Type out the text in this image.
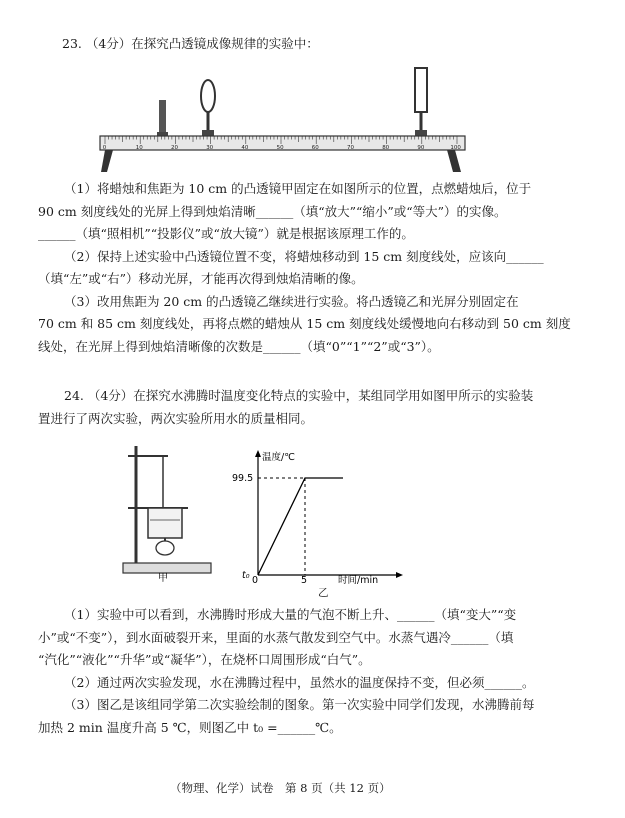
23. （4分）在探究凸透镜成像规律的实验中：
0	10	20	30	40	50	60	70	80	90	100

（1）将蜡烛和焦距为 10 cm 的凸透镜甲固定在如图所示的位置，点燃蜡烛后，位于

90 cm 刻度线处的光屏上得到烛焰清晰______（填“放大”“缩小”或“等大”）的实像。

______（填“照相机”“投影仪”或“放大镜”）就是根据该原理工作的。

（2）保持上述实验中凸透镜位置不变，将蜡烛移动到 15 cm 刻度线处，应该向______

（填“左”或“右”）移动光屏，才能再次得到烛焰清晰的像。

（3）改用焦距为 20 cm 的凸透镜乙继续进行实验。将凸透镜乙和光屏分别固定在

70 cm 和 85 cm 刻度线处，再将点燃的蜡烛从 15 cm 刻度线处缓慢地向右移动到 50 cm 刻度

线处，在光屏上得到烛焰清晰像的次数是______（填“0”“1”“2”或“3”）。

24. （4分）在探究水沸腾时温度变化特点的实验中，某组同学用如图甲所示的实验装

置进行了两次实验，两次实验所用水的质量相同。

甲
温度/℃
99.5
5
t₀ 0	时间/min
乙

（1）实验中可以看到，水沸腾时形成大量的气泡不断上升、______（填“变大”“变

小”或“不变”），到水面破裂开来，里面的水蒸气散发到空气中。水蒸气遇冷______（填

“汽化”“液化”“升华”或“凝华”），在烧杯口周围形成“白气”。

（2）通过两次实验发现，水在沸腾过程中，虽然水的温度保持不变，但必须______。

（3）图乙是该组同学第二次实验绘制的图象。第一次实验中同学们发现，水沸腾前每

加热 2 min 温度升高 5 ℃，则图乙中 t₀ =______℃。

（物理、化学）试卷　第 8 页（共 12 页）
